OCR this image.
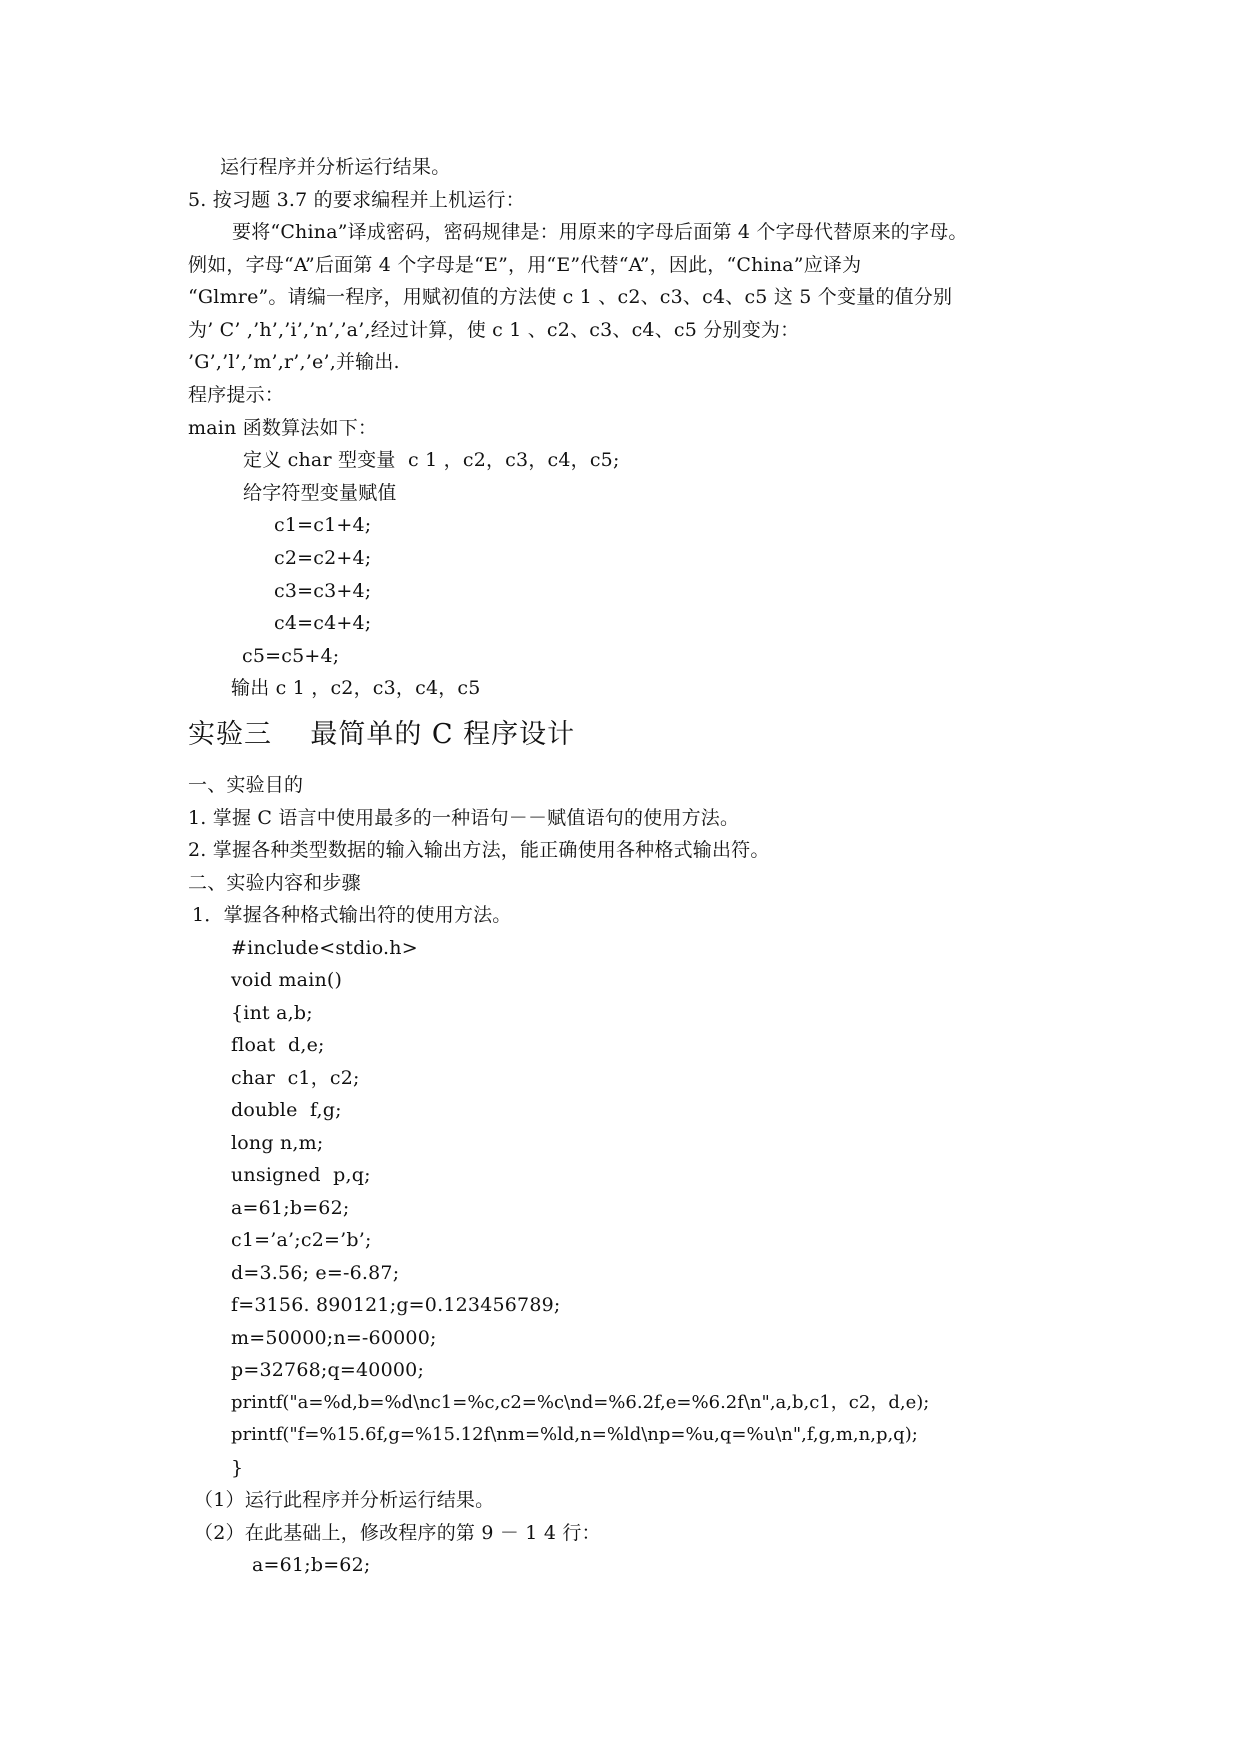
运行程序并分析运行结果。
5. 按习题 3.7 的要求编程并上机运行：
要将“China”译成密码，密码规律是：用原来的字母后面第 4 个字母代替原来的字母。
例如，字母“A”后面第 4 个字母是“E”，用“E”代替“A”，因此，“China”应译为
“Glmre”。请编一程序，用赋初值的方法使 c 1 、c2、c3、c4、c5 这 5 个变量的值分别
为’ C’ ,’h’,’i’,’n’,’a’,经过计算，使 c 1 、c2、c3、c4、c5 分别变为：
’G’,’l’,’m’,r’,’e’,并输出.
程序提示：
main 函数算法如下：
定义 char 型变量  c 1 ，c2，c3，c4，c5;
给字符型变量赋值
c1=c1+4;
c2=c2+4;
c3=c3+4;
c4=c4+4;
c5=c5+4;
输出 c 1 ，c2，c3，c4，c5
实验三    最简单的 C 程序设计
一、实验目的
1. 掌握 C 语言中使用最多的一种语句－－赋值语句的使用方法。
2. 掌握各种类型数据的输入输出方法，能正确使用各种格式输出符。
二、实验内容和步骤
1．掌握各种格式输出符的使用方法。
#include<stdio.h>
void main()
{int a,b;
float  d,e;
char  c1，c2;
double  f,g;
long n,m;
unsigned  p,q;
a=61;b=62;
c1=’a’;c2=’b’;
d=3.56; e=-6.87;
f=3156. 890121;g=0.123456789;
m=50000;n=-60000;
p=32768;q=40000;
printf("a=%d,b=%d\nc1=%c,c2=%c\nd=%6.2f,e=%6.2f\n",a,b,c1，c2，d,e);
printf("f=%15.6f,g=%15.12f\nm=%ld,n=%ld\np=%u,q=%u\n",f,g,m,n,p,q);
}
（1）运行此程序并分析运行结果。
（2）在此基础上，修改程序的第 9 － 1 4 行：
a=61;b=62;
